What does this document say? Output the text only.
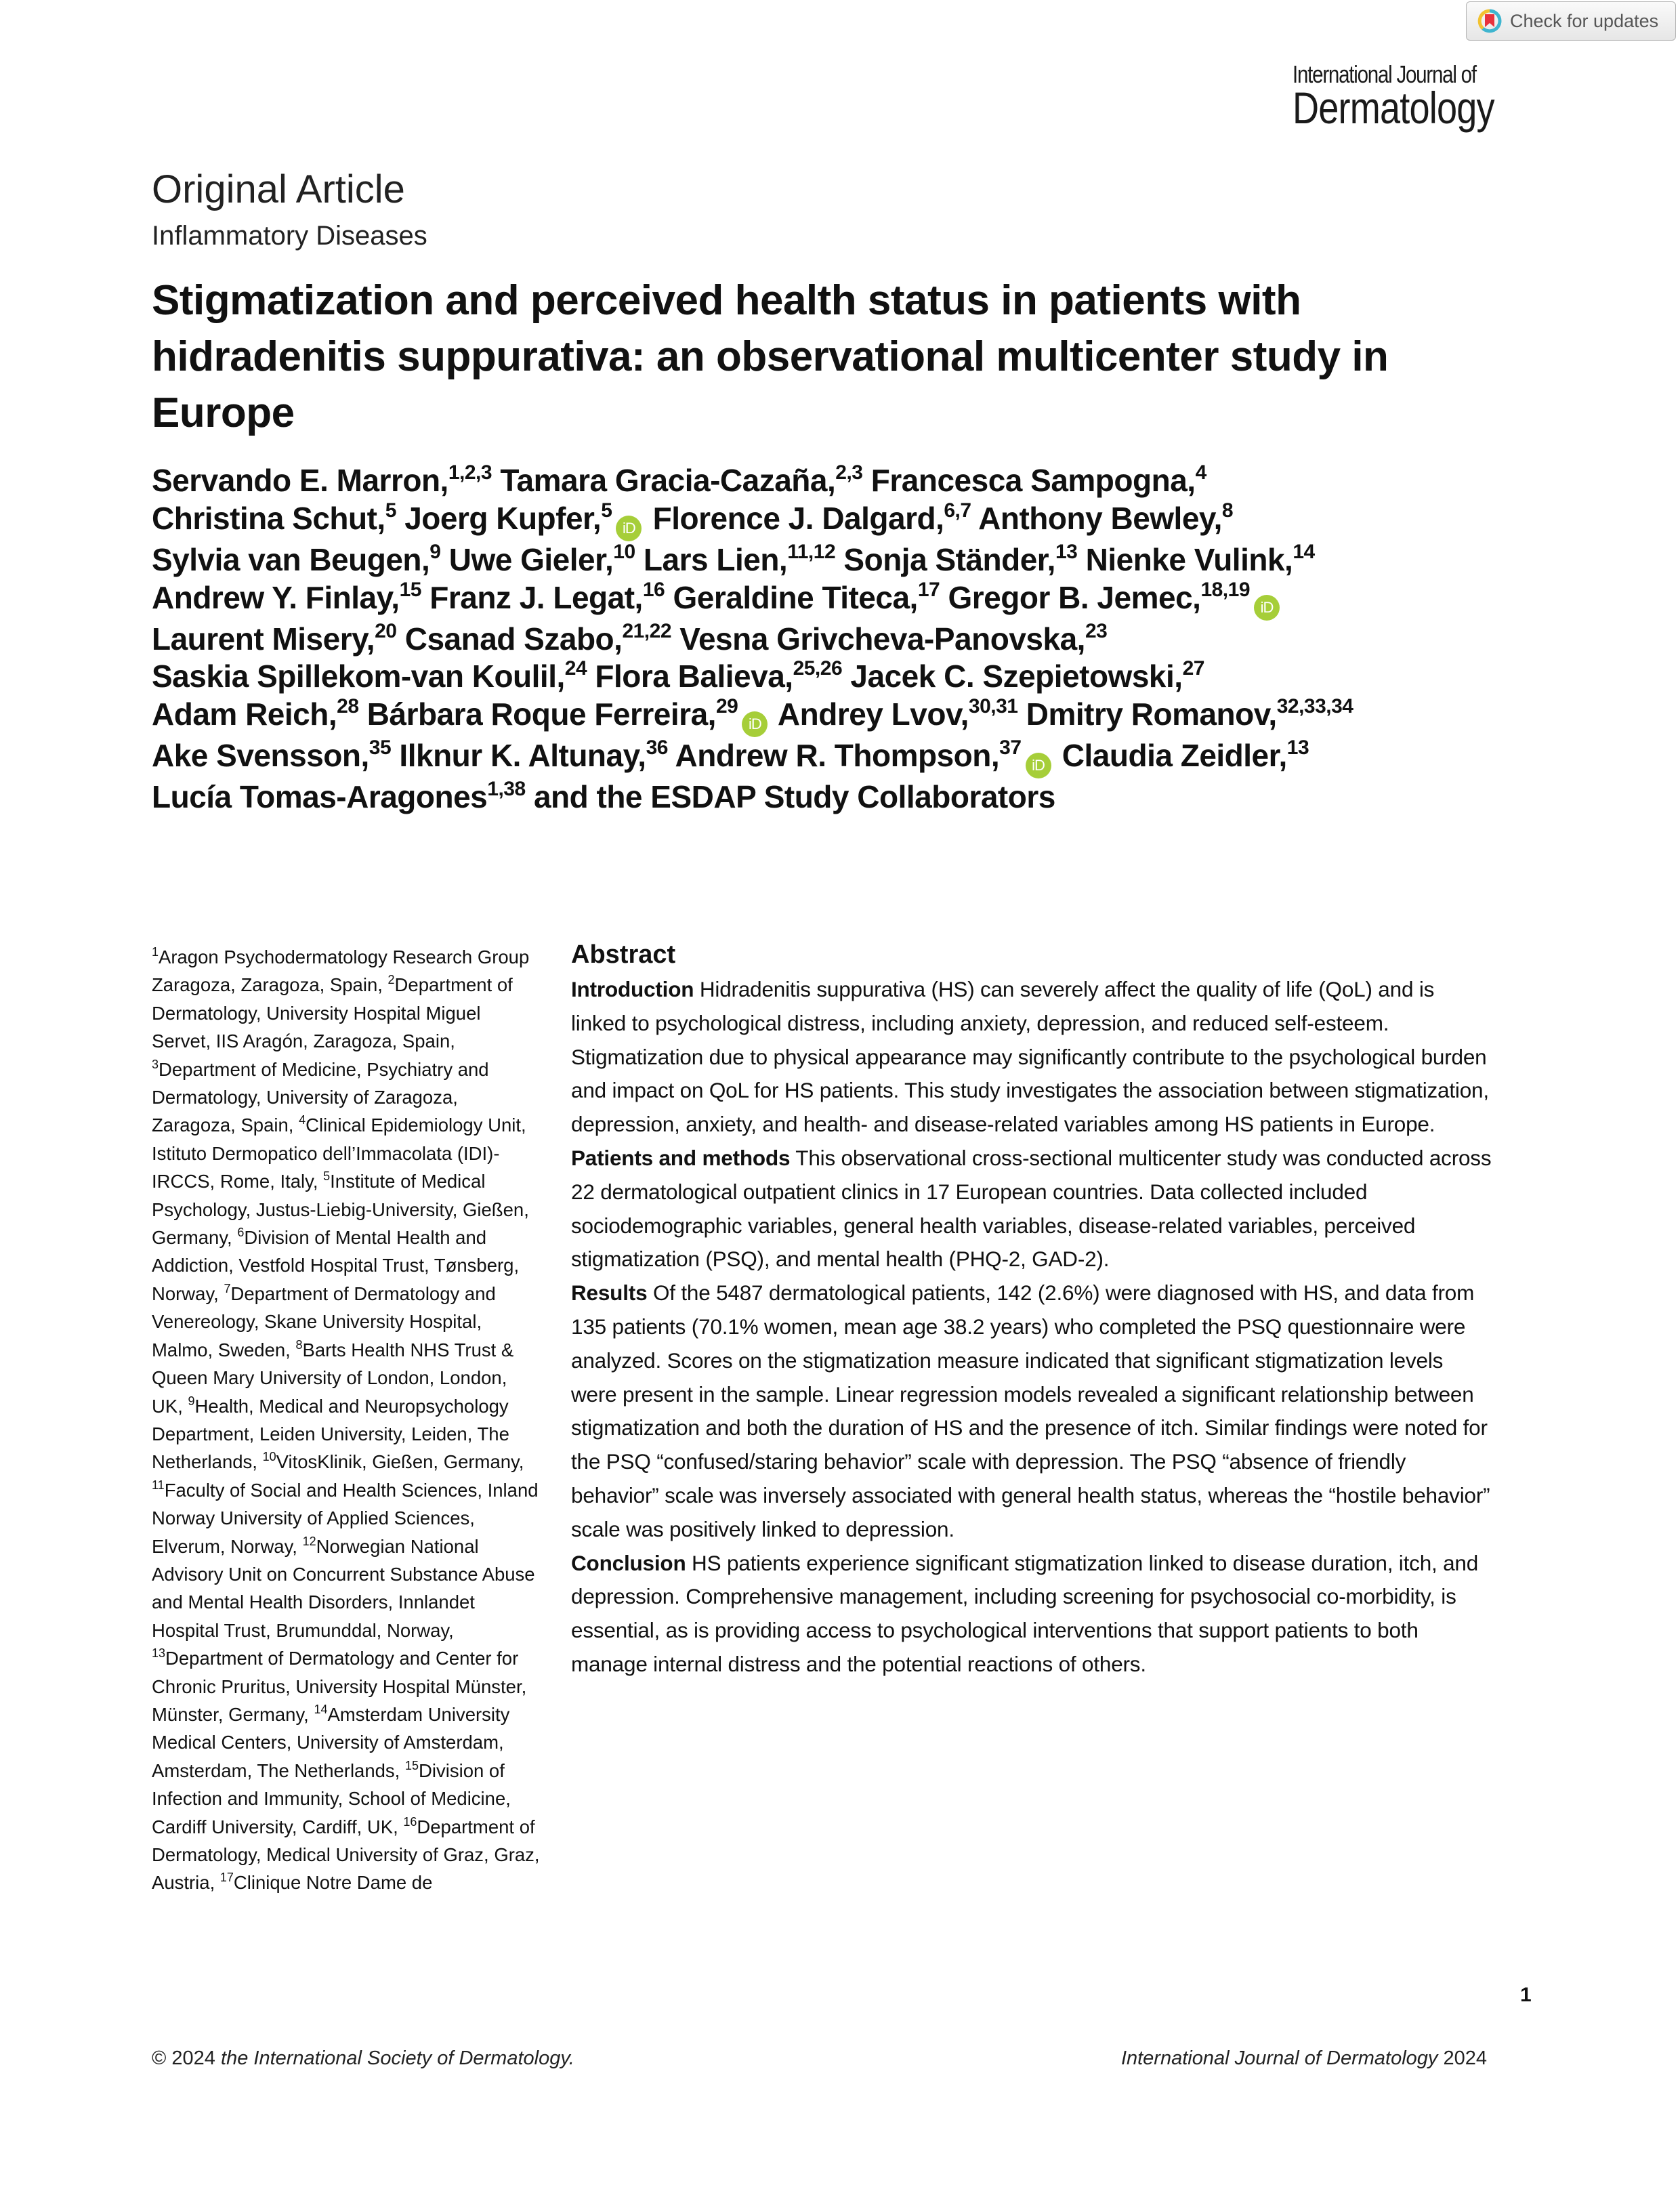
Check for updates
International Journal of
Dermatology
Original Article
Inflammatory Diseases
Stigmatization and perceived health status in patients with hidradenitis suppurativa: an observational multicenter study in Europe
Servando E. Marron,$^{1,2,3}$ Tamara Gracia-Cazaña,$^{2,3}$ Francesca Sampogna,$^4$
Christina Schut,$^5$ Joerg Kupfer,$^5$iD Florence J. Dalgard,$^{6,7}$ Anthony Bewley,$^8$
Sylvia van Beugen,$^9$ Uwe Gieler,$^{10}$ Lars Lien,$^{11,12}$ Sonja Ständer,$^{13}$ Nienke Vulink,$^{14}$
Andrew Y. Finlay,$^{15}$ Franz J. Legat,$^{16}$ Geraldine Titeca,$^{17}$ Gregor B. Jemec,$^{18,19}$iD
Laurent Misery,$^{20}$ Csanad Szabo,$^{21,22}$ Vesna Grivcheva-Panovska,$^{23}$
Saskia Spillekom-van Koulil,$^{24}$ Flora Balieva,$^{25,26}$ Jacek C. Szepietowski,$^{27}$
Adam Reich,$^{28}$ Bárbara Roque Ferreira,$^{29}$iD Andrey Lvov,$^{30,31}$ Dmitry Romanov,$^{32,33,34}$
Ake Svensson,$^{35}$ Ilknur K. Altunay,$^{36}$ Andrew R. Thompson,$^{37}$iD Claudia Zeidler,$^{13}$
Lucía Tomas-Aragones$^{1,38}$ and the ESDAP Study Collaborators
$^1$Aragon Psychodermatology Research Group Zaragoza, Zaragoza, Spain, $^2$Department of Dermatology, University Hospital Miguel Servet, IIS Aragón, Zaragoza, Spain, $^3$Department of Medicine, Psychiatry and Dermatology, University of Zaragoza, Zaragoza, Spain, $^4$Clinical Epidemiology Unit, Istituto Dermopatico dell’Immacolata (IDI)-IRCCS, Rome, Italy, $^5$Institute of Medical Psychology, Justus-Liebig-University, Gießen, Germany, $^6$Division of Mental Health and Addiction, Vestfold Hospital Trust, Tønsberg, Norway, $^7$Department of Dermatology and Venereology, Skane University Hospital, Malmo, Sweden, $^8$Barts Health NHS Trust & Queen Mary University of London, London, UK, $^9$Health, Medical and Neuropsychology Department, Leiden University, Leiden, The Netherlands, $^{10}$VitosKlinik, Gießen, Germany, $^{11}$Faculty of Social and Health Sciences, Inland Norway University of Applied Sciences, Elverum, Norway, $^{12}$Norwegian National Advisory Unit on Concurrent Substance Abuse and Mental Health Disorders, Innlandet Hospital Trust, Brumunddal, Norway, $^{13}$Department of Dermatology and Center for Chronic Pruritus, University Hospital Münster, Münster, Germany, $^{14}$Amsterdam University Medical Centers, University of Amsterdam, Amsterdam, The Netherlands, $^{15}$Division of Infection and Immunity, School of Medicine, Cardiff University, Cardiff, UK, $^{16}$Department of Dermatology, Medical University of Graz, Graz, Austria, $^{17}$Clinique Notre Dame de
Abstract

Introduction Hidradenitis suppurativa (HS) can severely affect the quality of life (QoL) and is linked to psychological distress, including anxiety, depression, and reduced self-esteem. Stigmatization due to physical appearance may significantly contribute to the psychological burden and impact on QoL for HS patients. This study investigates the association between stigmatization, depression, anxiety, and health- and disease-related variables among HS patients in Europe.

Patients and methods This observational cross-sectional multicenter study was conducted across 22 dermatological outpatient clinics in 17 European countries. Data collected included sociodemographic variables, general health variables, disease-related variables, perceived stigmatization (PSQ), and mental health (PHQ-2, GAD-2).

Results Of the 5487 dermatological patients, 142 (2.6%) were diagnosed with HS, and data from 135 patients (70.1% women, mean age 38.2 years) who completed the PSQ questionnaire were analyzed. Scores on the stigmatization measure indicated that significant stigmatization levels were present in the sample. Linear regression models revealed a significant relationship between stigmatization and both the duration of HS and the presence of itch. Similar findings were noted for the PSQ “confused/staring behavior” scale with depression. The PSQ “absence of friendly behavior” scale was inversely associated with general health status, whereas the “hostile behavior” scale was positively linked to depression.

Conclusion HS patients experience significant stigmatization linked to disease duration, itch, and depression. Comprehensive management, including screening for psychosocial co-morbidity, is essential, as is providing access to psychological interventions that support patients to both manage internal distress and the potential reactions of others.

1
© 2024 the International Society of Dermatology.	International Journal of Dermatology 2024
